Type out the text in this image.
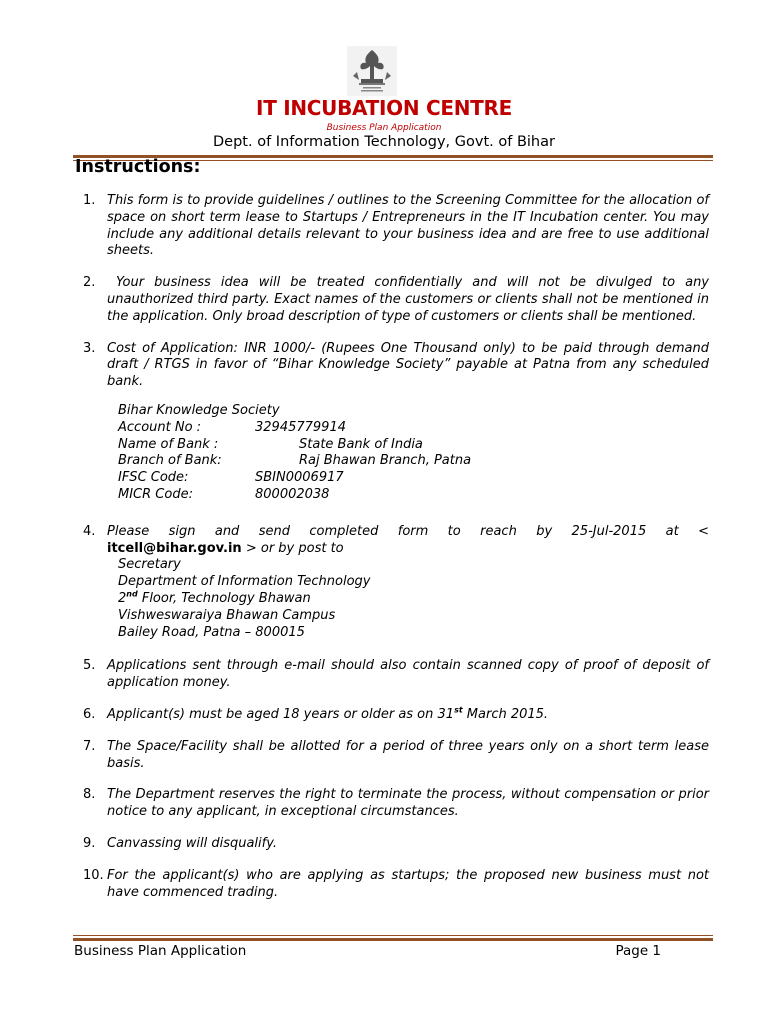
IT INCUBATION CENTRE
Business Plan Application
Dept. of Information Technology, Govt. of Bihar
Instructions:
1. This form is to provide guidelines / outlines to the Screening Committee for the allocation of space on short term lease to Startups / Entrepreneurs in the IT Incubation center. You may include any additional details relevant to your business idea and are free to use additional sheets.
2.	Your business idea will be treated confidentially and will not be divulged to any unauthorized third party. Exact names of the customers or clients shall not be mentioned in the application. Only broad description of type of customers or clients shall be mentioned.
3. Cost of Application: INR 1000/- (Rupees One Thousand only) to be paid through demand draft / RTGS in favor of “Bihar Knowledge Society” payable at Patna from any scheduled bank.
Bihar Knowledge Society
Account No :	32945779914
Name of Bank :	State Bank of India
Branch of Bank:	Raj Bhawan Branch, Patna
IFSC Code:	SBIN0006917
MICR Code:	800002038
4. Please sign and send completed form to reach by 25-Jul-2015 at <
itcell@bihar.gov.in > or by post to
Secretary
Department of Information Technology
2nd Floor, Technology Bhawan
Vishweswaraiya Bhawan Campus
Bailey Road, Patna – 800015
5. Applications sent through e-mail should also contain scanned copy of proof of deposit of application money.
6. Applicant(s) must be aged 18 years or older as on 31st March 2015.
7. The Space/Facility shall be allotted for a period of three years only on a short term lease basis.
8. The Department reserves the right to terminate the process, without compensation or prior notice to any applicant, in exceptional circumstances.
9. Canvassing will disqualify.
10. For the applicant(s) who are applying as startups; the proposed new business must not have commenced trading.
Business Plan Application	Page 1
